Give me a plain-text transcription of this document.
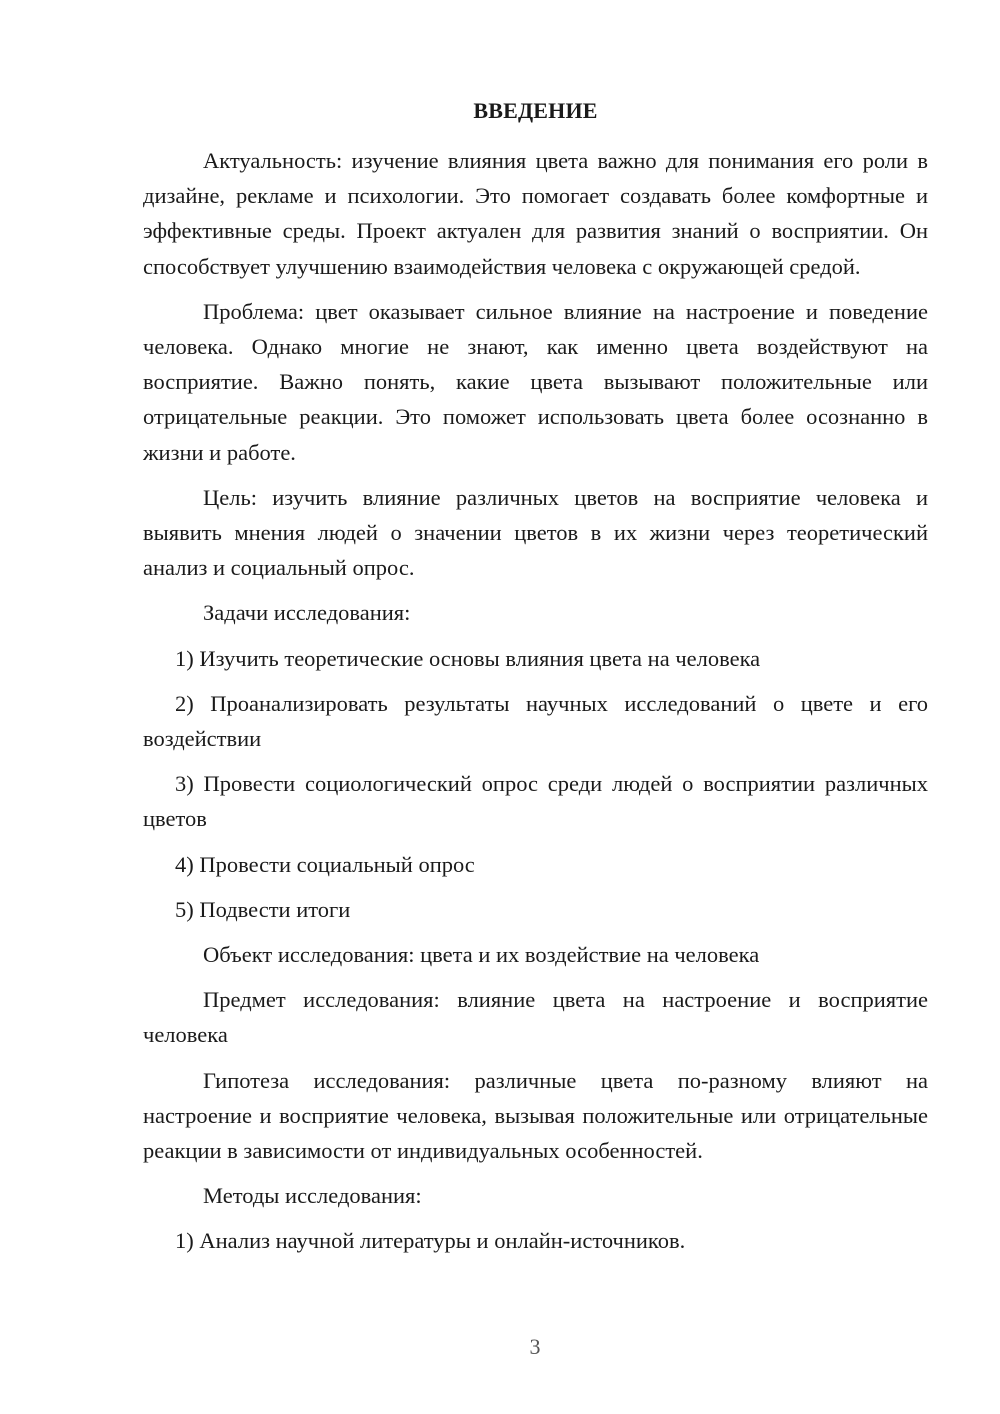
ВВЕДЕНИЕ

Актуальность: изучение влияния цвета важно для понимания его роли в дизайне, рекламе и психологии. Это помогает создавать более комфортные и эффективные среды. Проект актуален для развития знаний о восприятии. Он способствует улучшению взаимодействия человека с окружающей средой.

Проблема: цвет оказывает сильное влияние на настроение и поведение человека. Однако многие не знают, как именно цвета воздействуют на восприятие. Важно понять, какие цвета вызывают положительные или отрицательные реакции. Это поможет использовать цвета более осознанно в жизни и работе.

Цель: изучить влияние различных цветов на восприятие человека и выявить мнения людей о значении цветов в их жизни через теоретический анализ и социальный опрос.

Задачи исследования:

1) Изучить теоретические основы влияния цвета на человека

2) Проанализировать результаты научных исследований о цвете и его воздействии

3) Провести социологический опрос среди людей о восприятии различных цветов

4) Провести социальный опрос

5) Подвести итоги

Объект исследования: цвета и их воздействие на человека

Предмет исследования: влияние цвета на настроение и восприятие человека

Гипотеза исследования: различные цвета по-разному влияют на настроение и восприятие человека, вызывая положительные или отрицательные реакции в зависимости от индивидуальных особенностей.

Методы исследования:

1) Анализ научной литературы и онлайн-источников.

3
